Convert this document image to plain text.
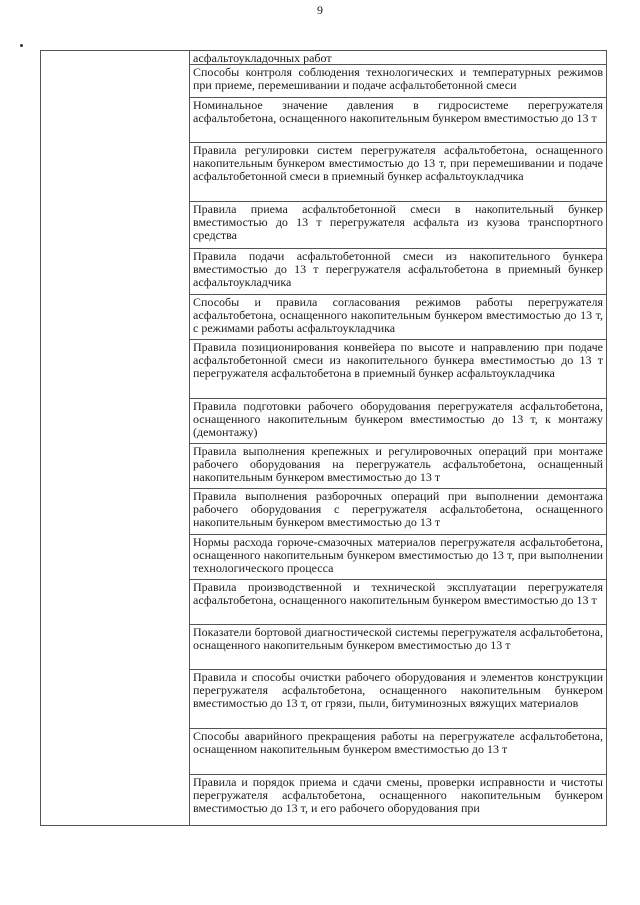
9
асфальтоукладочных работ
Способы контроля соблюдения технологических и температурных режимов при приеме, перемешивании и подаче асфальтобетонной смеси
Номинальное значение давления в гидросистеме перегружателя асфальтобетона, оснащенного накопительным бункером вместимостью до 13 т
Правила регулировки систем перегружателя асфальтобетона, оснащенного накопительным бункером вместимостью до 13 т, при перемешивании и подаче асфальтобетонной смеси в приемный бункер асфальтоукладчика
Правила приема асфальтобетонной смеси в накопительный бункер вместимостью до 13 т перегружателя асфальта из кузова транспортного средства
Правила подачи асфальтобетонной смеси из накопительного бункера вместимостью до 13 т перегружателя асфальтобетона в приемный бункер асфальтоукладчика
Способы и правила согласования режимов работы перегружателя асфальтобетона, оснащенного накопительным бункером вместимостью до 13 т, с режимами работы асфальтоукладчика
Правила позиционирования конвейера по высоте и направлению при подаче асфальтобетонной смеси из накопительного бункера вместимостью до 13 т перегружателя асфальтобетона в приемный бункер асфальтоукладчика
Правила подготовки рабочего оборудования перегружателя асфальтобетона, оснащенного накопительным бункером вместимостью до 13 т, к монтажу (демонтажу)
Правила выполнения крепежных и регулировочных операций при монтаже рабочего оборудования на перегружатель асфальтобетона, оснащенный накопительным бункером вместимостью до 13 т
Правила выполнения разборочных операций при выполнении демонтажа рабочего оборудования с перегружателя асфальтобетона, оснащенного накопительным бункером вместимостью до 13 т
Нормы расхода горюче-смазочных материалов перегружателя асфальтобетона, оснащенного накопительным бункером вместимостью до 13 т, при выполнении технологического процесса
Правила производственной и технической эксплуатации перегружателя асфальтобетона, оснащенного накопительным бункером вместимостью до 13 т
Показатели бортовой диагностической системы перегружателя асфальтобетона, оснащенного накопительным бункером вместимостью до 13 т
Правила и способы очистки рабочего оборудования и элементов конструкции перегружателя асфальтобетона, оснащенного накопительным бункером вместимостью до 13 т, от грязи, пыли, битуминозных вяжущих материалов
Способы аварийного прекращения работы на перегружателе асфальтобетона, оснащенном накопительным бункером вместимостью до 13 т
Правила и порядок приема и сдачи смены, проверки исправности и чистоты перегружателя асфальтобетона, оснащенного накопительным бункером вместимостью до 13 т, и его рабочего оборудования при
